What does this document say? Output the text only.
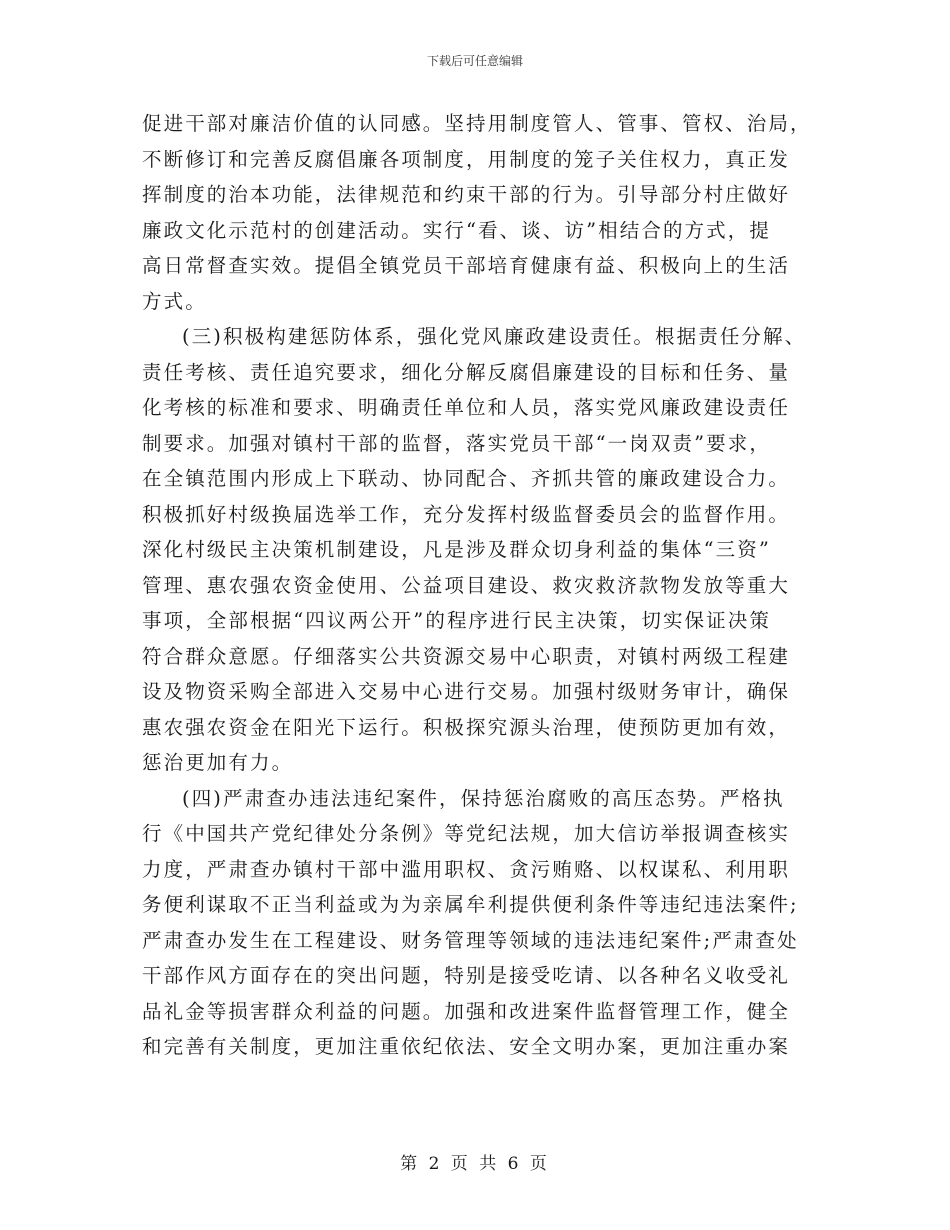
下载后可任意编辑
促进干部对廉洁价值的认同感。坚持用制度管人、管事、管权、治局，
不断修订和完善反腐倡廉各项制度，用制度的笼子关住权力，真正发
挥制度的治本功能，法律规范和约束干部的行为。引导部分村庄做好
廉政文化示范村的创建活动。实行“看、谈、访”相结合的方式，提
高日常督查实效。提倡全镇党员干部培育健康有益、积极向上的生活
方式。
(三)积极构建惩防体系，强化党风廉政建设责任。根据责任分解、
责任考核、责任追究要求，细化分解反腐倡廉建设的目标和任务、量
化考核的标准和要求、明确责任单位和人员，落实党风廉政建设责任
制要求。加强对镇村干部的监督，落实党员干部“一岗双责”要求，
在全镇范围内形成上下联动、协同配合、齐抓共管的廉政建设合力。
积极抓好村级换届选举工作，充分发挥村级监督委员会的监督作用。
深化村级民主决策机制建设，凡是涉及群众切身利益的集体“三资”
管理、惠农强农资金使用、公益项目建设、救灾救济款物发放等重大
事项，全部根据“四议两公开”的程序进行民主决策，切实保证决策
符合群众意愿。仔细落实公共资源交易中心职责，对镇村两级工程建
设及物资采购全部进入交易中心进行交易。加强村级财务审计，确保
惠农强农资金在阳光下运行。积极探究源头治理，使预防更加有效，
惩治更加有力。
(四)严肃查办违法违纪案件，保持惩治腐败的高压态势。严格执
行《中国共产党纪律处分条例》等党纪法规，加大信访举报调查核实
力度，严肃查办镇村干部中滥用职权、贪污贿赂、以权谋私、利用职
务便利谋取不正当利益或为为亲属牟利提供便利条件等违纪违法案件;
严肃查办发生在工程建设、财务管理等领域的违法违纪案件;严肃查处
干部作风方面存在的突出问题，特别是接受吃请、以各种名义收受礼
品礼金等损害群众利益的问题。加强和改进案件监督管理工作，健全
和完善有关制度，更加注重依纪依法、安全文明办案，更加注重办案
第 2 页 共 6 页
